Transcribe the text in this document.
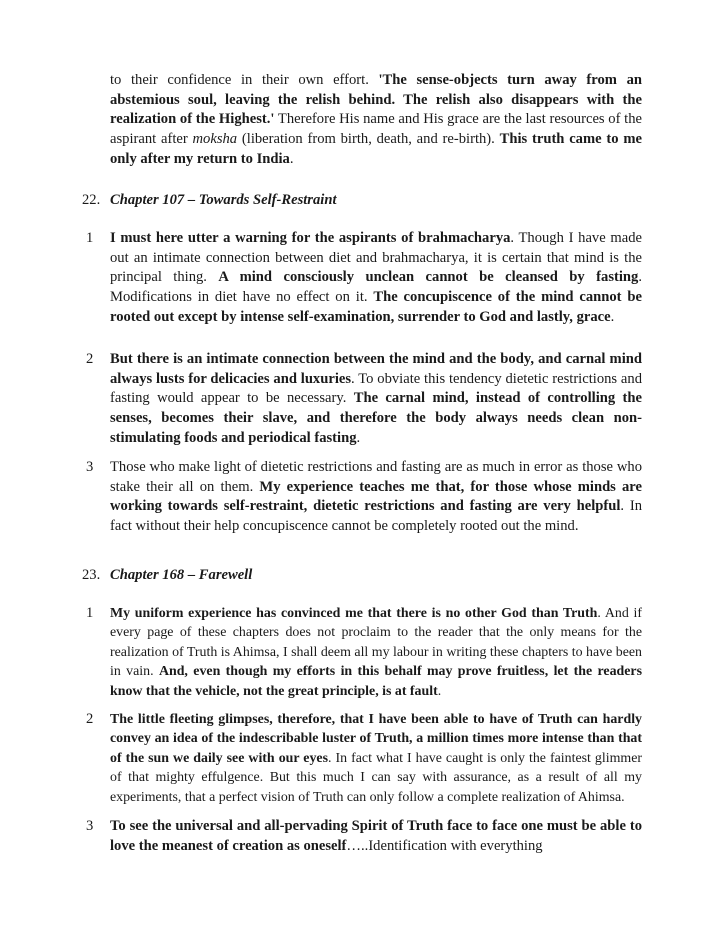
to their confidence in their own effort. 'The sense-objects turn away from an abstemious soul, leaving the relish behind. The relish also disappears with the realization of the Highest.' Therefore His name and His grace are the last resources of the aspirant after moksha (liberation from birth, death, and re-birth). This truth came to me only after my return to India.
22. Chapter 107 – Towards Self-Restraint
1 I must here utter a warning for the aspirants of brahmacharya. Though I have made out an intimate connection between diet and brahmacharya, it is certain that mind is the principal thing. A mind consciously unclean cannot be cleansed by fasting. Modifications in diet have no effect on it. The concupiscence of the mind cannot be rooted out except by intense self-examination, surrender to God and lastly, grace.
2 But there is an intimate connection between the mind and the body, and carnal mind always lusts for delicacies and luxuries. To obviate this tendency dietetic restrictions and fasting would appear to be necessary. The carnal mind, instead of controlling the senses, becomes their slave, and therefore the body always needs clean non-stimulating foods and periodical fasting.
3 Those who make light of dietetic restrictions and fasting are as much in error as those who stake their all on them. My experience teaches me that, for those whose minds are working towards self-restraint, dietetic restrictions and fasting are very helpful. In fact without their help concupiscence cannot be completely rooted out the mind.
23. Chapter 168 – Farewell
1 My uniform experience has convinced me that there is no other God than Truth. And if every page of these chapters does not proclaim to the reader that the only means for the realization of Truth is Ahimsa, I shall deem all my labour in writing these chapters to have been in vain. And, even though my efforts in this behalf may prove fruitless, let the readers know that the vehicle, not the great principle, is at fault.
2 The little fleeting glimpses, therefore, that I have been able to have of Truth can hardly convey an idea of the indescribable luster of Truth, a million times more intense than that of the sun we daily see with our eyes. In fact what I have caught is only the faintest glimmer of that mighty effulgence. But this much I can say with assurance, as a result of all my experiments, that a perfect vision of Truth can only follow a complete realization of Ahimsa.
3 To see the universal and all-pervading Spirit of Truth face to face one must be able to love the meanest of creation as oneself…..Identification with everything
